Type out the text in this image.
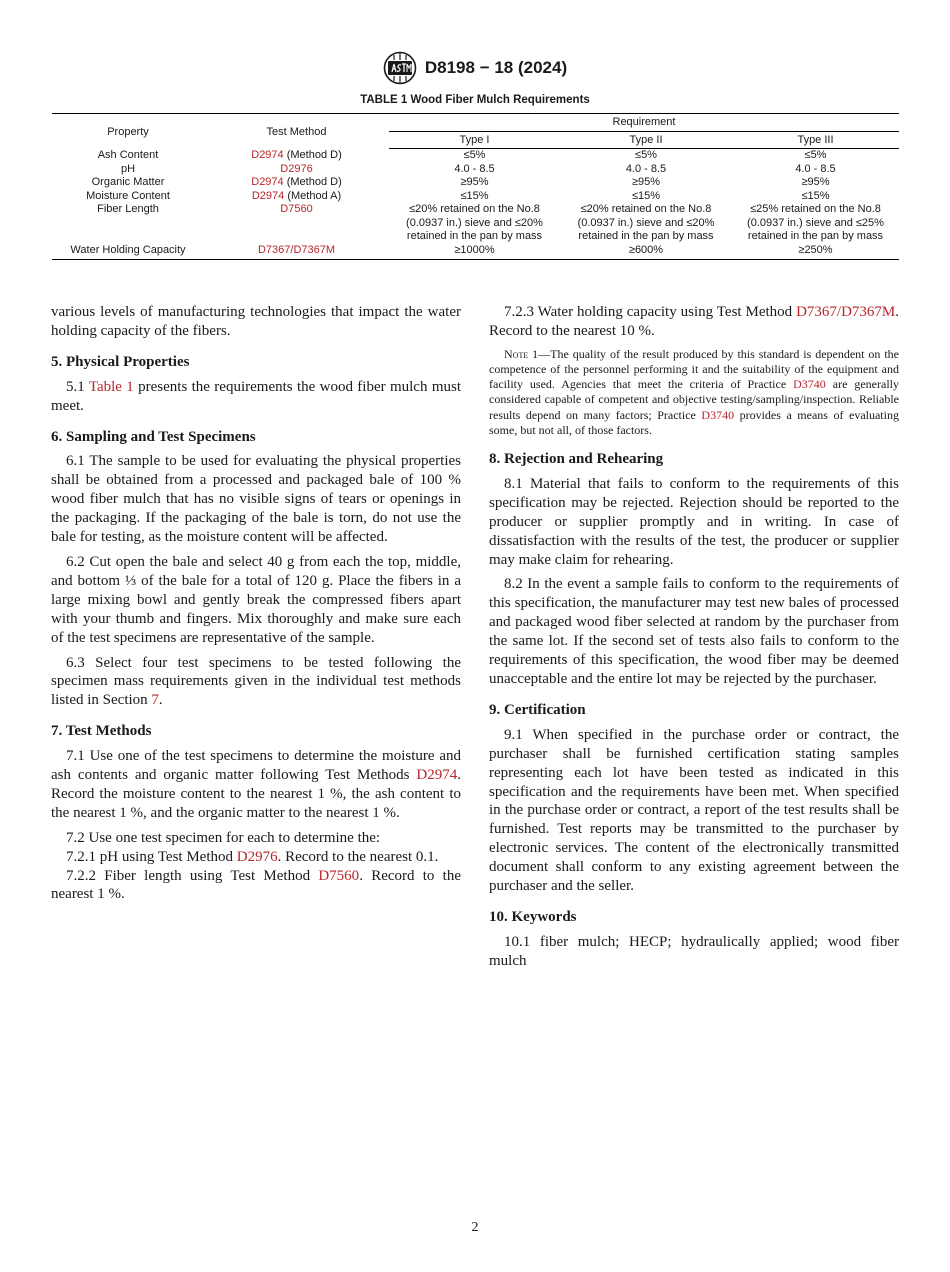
D8198 − 18 (2024)
TABLE 1 Wood Fiber Mulch Requirements
Property	Test Method	Requirement		
		Type I	Type II	Type III
Ash Content	D2974 (Method D)	≤5%	≤5%	≤5%
pH	D2976	4.0 - 8.5	4.0 - 8.5	4.0 - 8.5
Organic Matter	D2974 (Method D)	≥95%	≥95%	≥95%
Moisture Content	D2974 (Method A)	≤15%	≤15%	≤15%
Fiber Length	D7560	≤20% retained on the No.8
(0.0937 in.) sieve and ≤20%
retained in the pan by mass	≤20% retained on the No.8
(0.0937 in.) sieve and ≤20%
retained in the pan by mass	≤25% retained on the No.8
(0.0937 in.) sieve and ≤25%
retained in the pan by mass
Water Holding Capacity	D7367/D7367M	≥1000%	≥600%	≥250%

various levels of manufacturing technologies that impact the water holding capacity of the fibers.

5. Physical Properties

5.1 Table 1 presents the requirements the wood fiber mulch must meet.

6. Sampling and Test Specimens

6.1 The sample to be used for evaluating the physical properties shall be obtained from a processed and packaged bale of 100 % wood fiber mulch that has no visible signs of tears or openings in the packaging. If the packaging of the bale is torn, do not use the bale for testing, as the moisture content will be affected.

6.2 Cut open the bale and select 40 g from each the top, middle, and bottom ⅓ of the bale for a total of 120 g. Place the fibers in a large mixing bowl and gently break the compressed fibers apart with your thumb and fingers. Mix thoroughly and make sure each of the test specimens are representative of the sample.

6.3 Select four test specimens to be tested following the specimen mass requirements given in the individual test methods listed in Section 7.

7. Test Methods

7.1 Use one of the test specimens to determine the moisture and ash contents and organic matter following Test Methods D2974. Record the moisture content to the nearest 1 %, the ash content to the nearest 1 %, and the organic matter to the nearest 1 %.

7.2 Use one test specimen for each to determine the:

7.2.1 pH using Test Method D2976. Record to the nearest 0.1.

7.2.2 Fiber length using Test Method D7560. Record to the nearest 1 %.

7.2.3 Water holding capacity using Test Method D7367/D7367M. Record to the nearest 10 %.

Note 1—The quality of the result produced by this standard is dependent on the competence of the personnel performing it and the suitability of the equipment and facility used. Agencies that meet the criteria of Practice D3740 are generally considered capable of competent and objective testing/sampling/inspection. Reliable results depend on many factors; Practice D3740 provides a means of evaluating some, but not all, of those factors.

8. Rejection and Rehearing

8.1 Material that fails to conform to the requirements of this specification may be rejected. Rejection should be reported to the producer or supplier promptly and in writing. In case of dissatisfaction with the results of the test, the producer or supplier may make claim for rehearing.

8.2 In the event a sample fails to conform to the requirements of this specification, the manufacturer may test new bales of processed and packaged wood fiber selected at random by the purchaser from the same lot. If the second set of tests also fails to conform to the requirements of this specification, the wood fiber may be deemed unacceptable and the entire lot may be rejected by the purchaser.

9. Certification

9.1 When specified in the purchase order or contract, the purchaser shall be furnished certification stating samples representing each lot have been tested as indicated in this specification and the requirements have been met. When specified in the purchase order or contract, a report of the test results shall be furnished. Test reports may be transmitted to the purchaser by electronic services. The content of the electronically transmitted document shall conform to any existing agreement between the purchaser and the seller.

10. Keywords

10.1 fiber mulch; HECP; hydraulically applied; wood fiber mulch

2
